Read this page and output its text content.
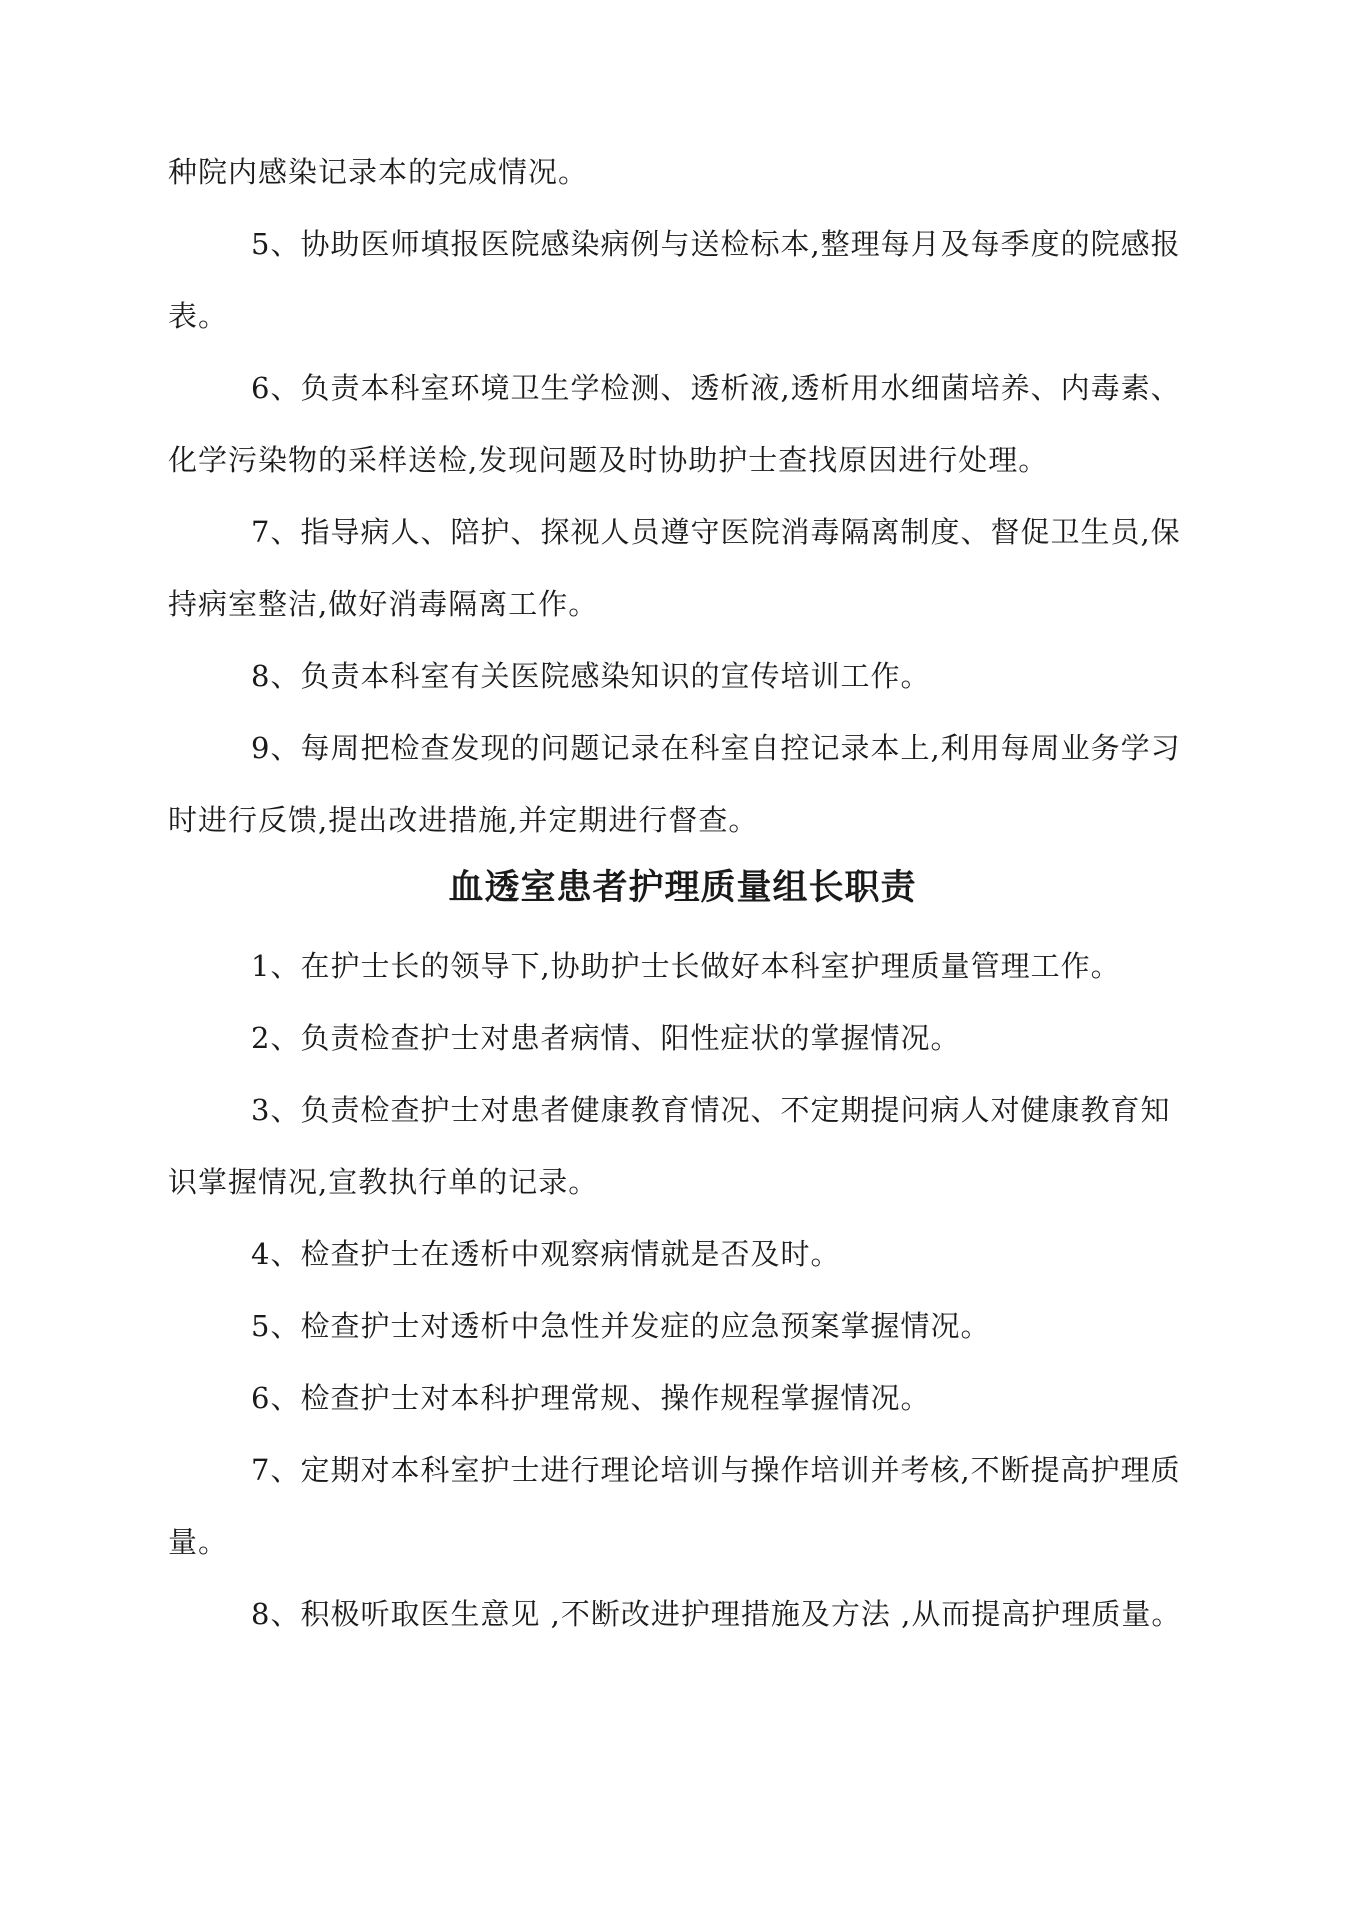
种院内感染记录本的完成情况。

5、协助医师填报医院感染病例与送检标本,整理每月及每季度的院感报表。

6、负责本科室环境卫生学检测、透析液,透析用水细菌培养、内毒素、化学污染物的采样送检,发现问题及时协助护士查找原因进行处理。

7、指导病人、陪护、探视人员遵守医院消毒隔离制度、督促卫生员,保持病室整洁,做好消毒隔离工作。

8、负责本科室有关医院感染知识的宣传培训工作。

9、每周把检查发现的问题记录在科室自控记录本上,利用每周业务学习时进行反馈,提出改进措施,并定期进行督查。

血透室患者护理质量组长职责

1、在护士长的领导下,协助护士长做好本科室护理质量管理工作。

2、负责检查护士对患者病情、阳性症状的掌握情况。

3、负责检查护士对患者健康教育情况、不定期提问病人对健康教育知识掌握情况,宣教执行单的记录。

4、检查护士在透析中观察病情就是否及时。

5、检查护士对透析中急性并发症的应急预案掌握情况。

6、检查护士对本科护理常规、操作规程掌握情况。

7、定期对本科室护士进行理论培训与操作培训并考核,不断提高护理质量。

8、积极听取医生意见 ,不断改进护理措施及方法 ,从而提高护理质量。
